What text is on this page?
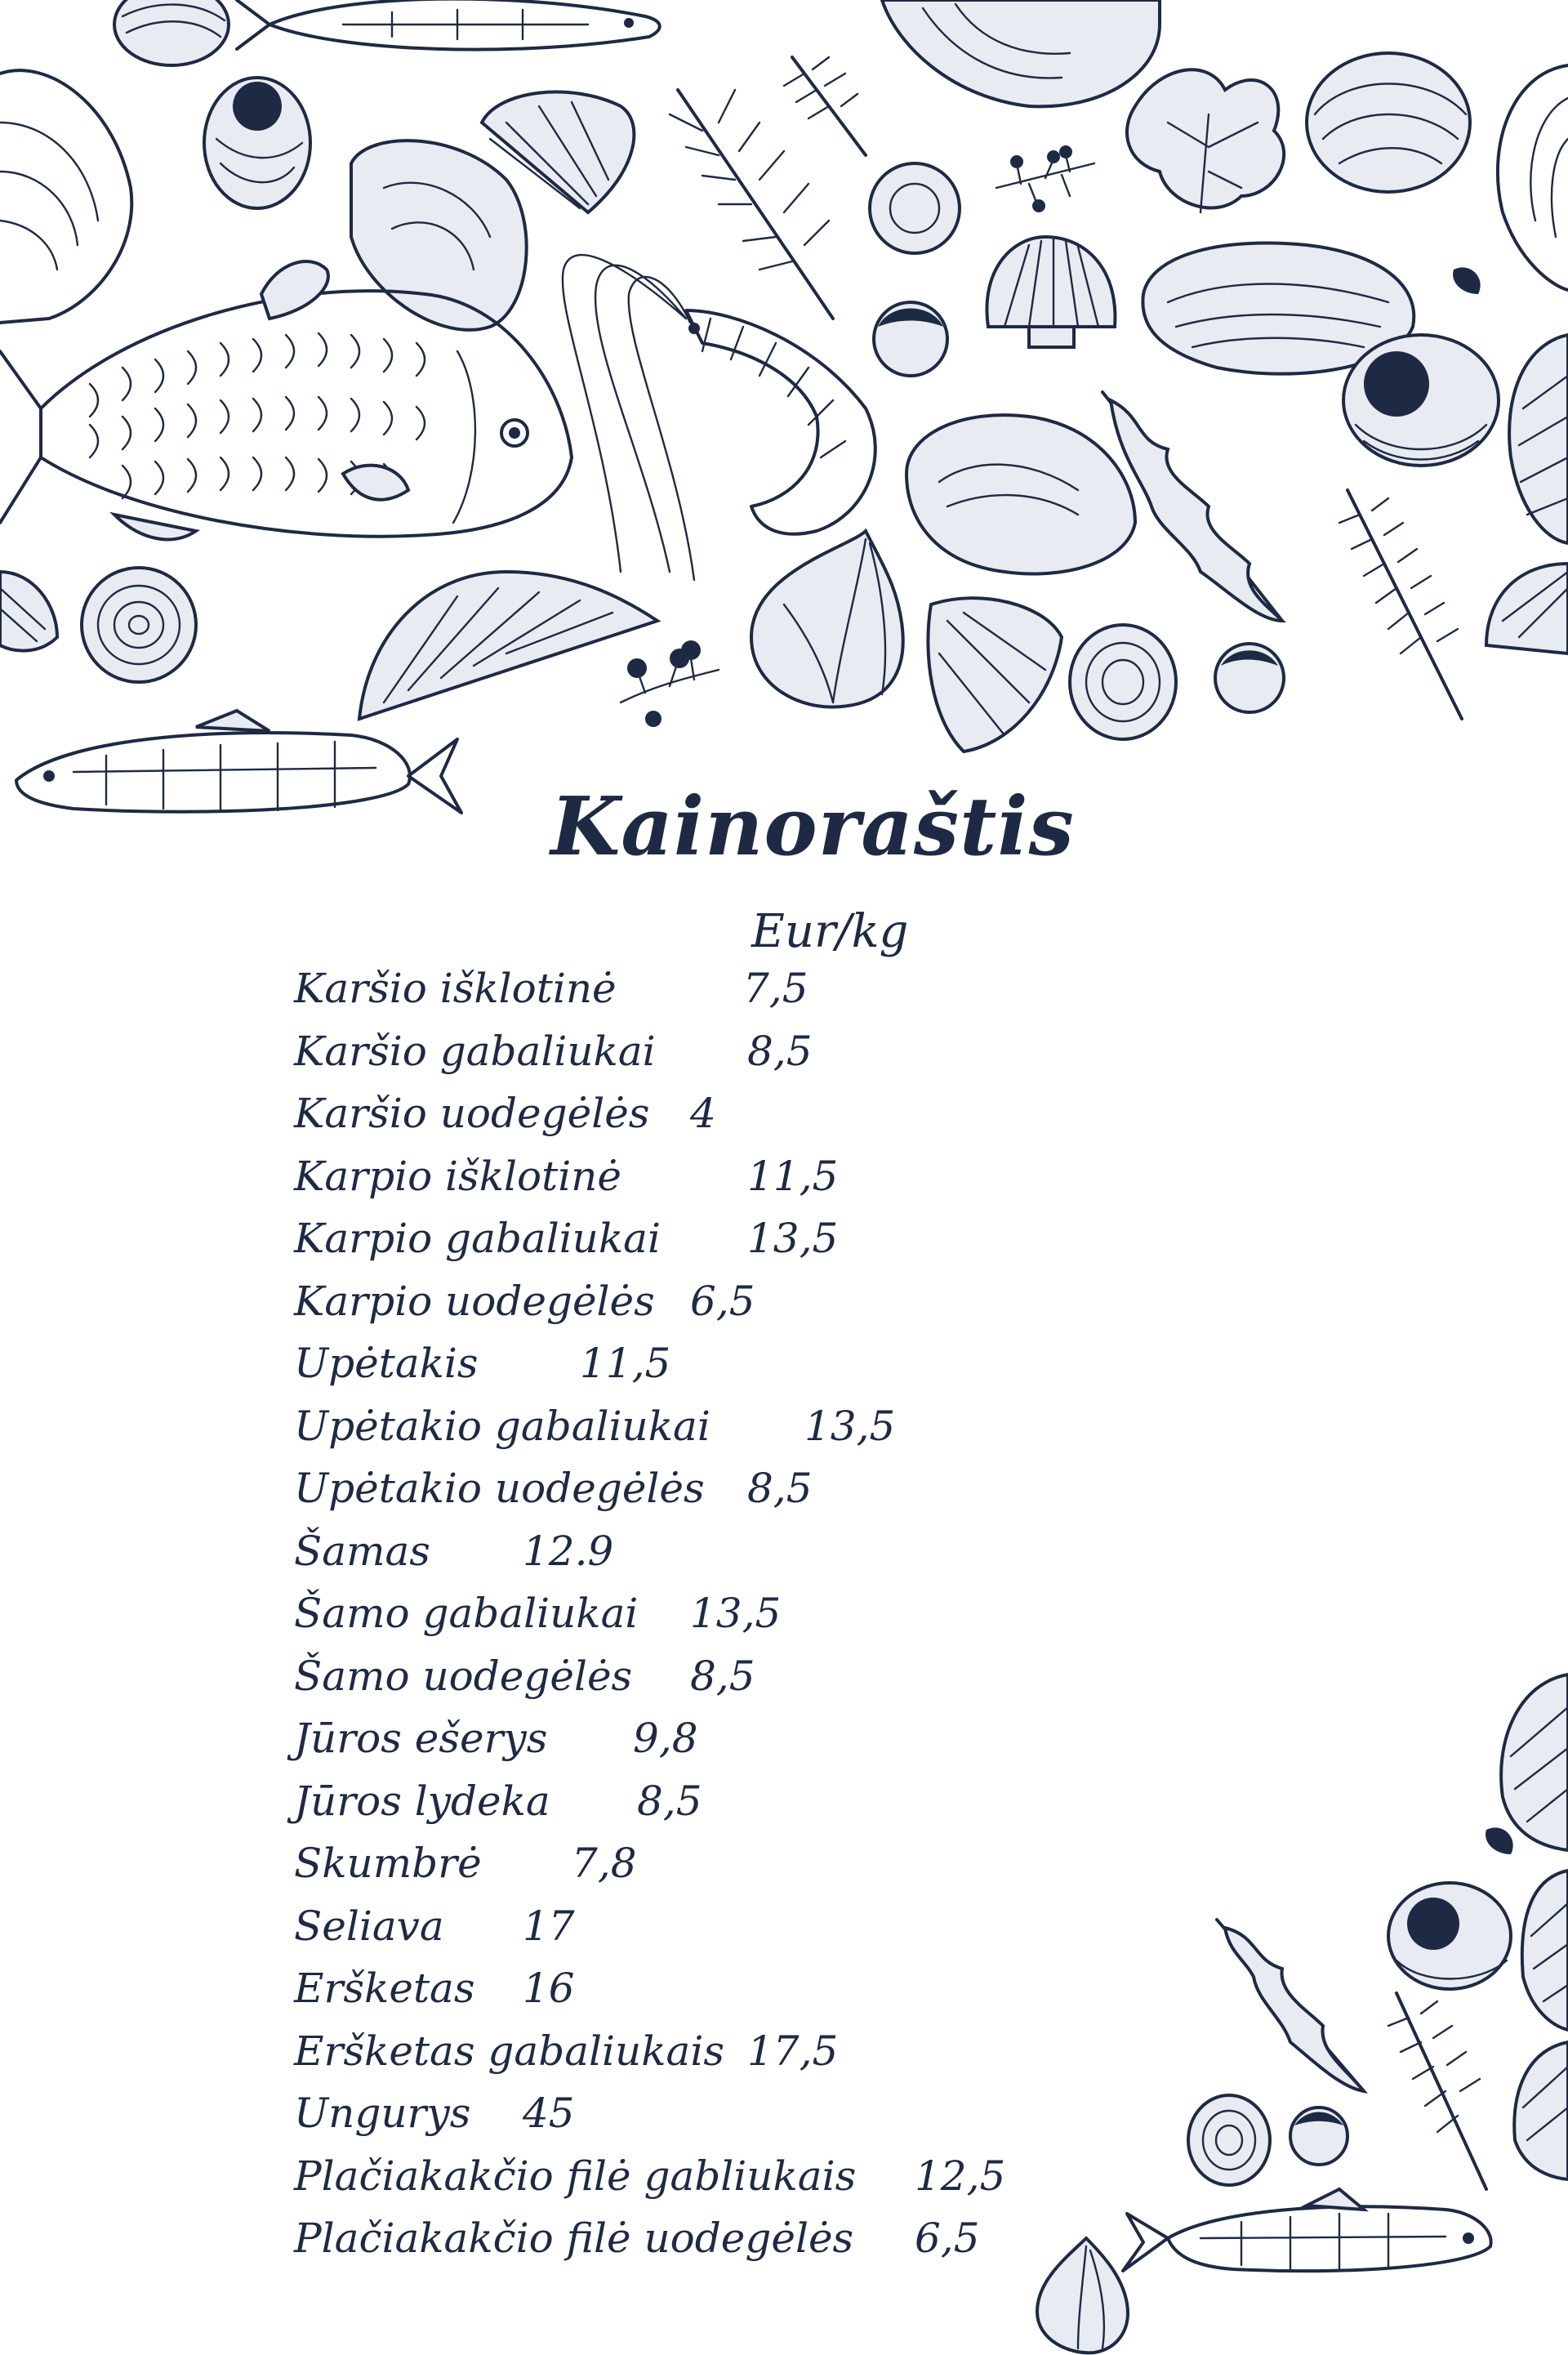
Kainoraštis
Eur/kg
Karšio išklotinė	7,5
Karšio gabaliukai 8,5
Karšio uodegėlės 4
Karpio išklotinė	11,5
Karpio gabaliukai 13,5
Karpio uodegėlės 6,5
Upėtakis 11,5
Upėtakio gabaliukai 13,5
Upėtakio uodegėlės 8,5
Šamas 12.9
Šamo gabaliukai 13,5
Šamo uodegėlės 8,5
Jūros ešerys 9,8
Jūros lydeka 8,5
Skumbrė 7,8
Seliava 17
Eršketas 16
Eršketas gabaliukais 17,5
Ungurys 45
Plačiakakčio filė gabliukais 12,5
Plačiakakčio filė uodegėlės 6,5
